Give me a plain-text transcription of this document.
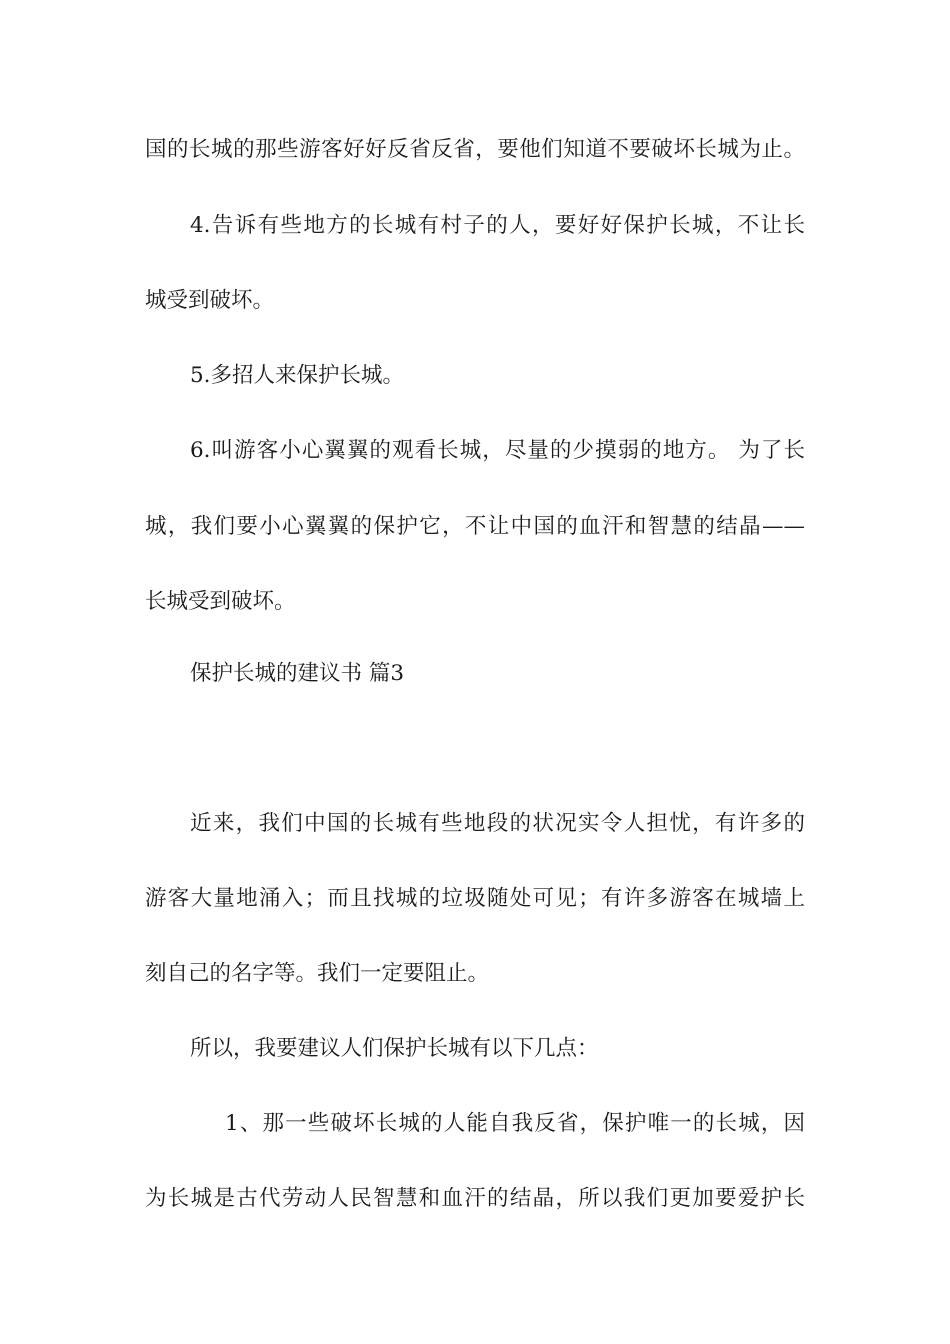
国的长城的那些游客好好反省反省，要他们知道不要破坏长城为止。
4.告诉有些地方的长城有村子的人，要好好保护长城，不让长
城受到破坏。
5.多招人来保护长城。
6.叫游客小心翼翼的观看长城，尽量的少摸弱的地方。 为了长
城，我们要小心翼翼的保护它，不让中国的血汗和智慧的结晶——
长城受到破坏。
保护长城的建议书 篇3
近来，我们中国的长城有些地段的状况实令人担忧，有许多的
游客大量地涌入；而且找城的垃圾随处可见；有许多游客在城墙上
刻自己的名字等。我们一定要阻止。
所以，我要建议人们保护长城有以下几点：
1、那一些破坏长城的人能自我反省，保护唯一的长城，因
为长城是古代劳动人民智慧和血汗的结晶，所以我们更加要爱护长
